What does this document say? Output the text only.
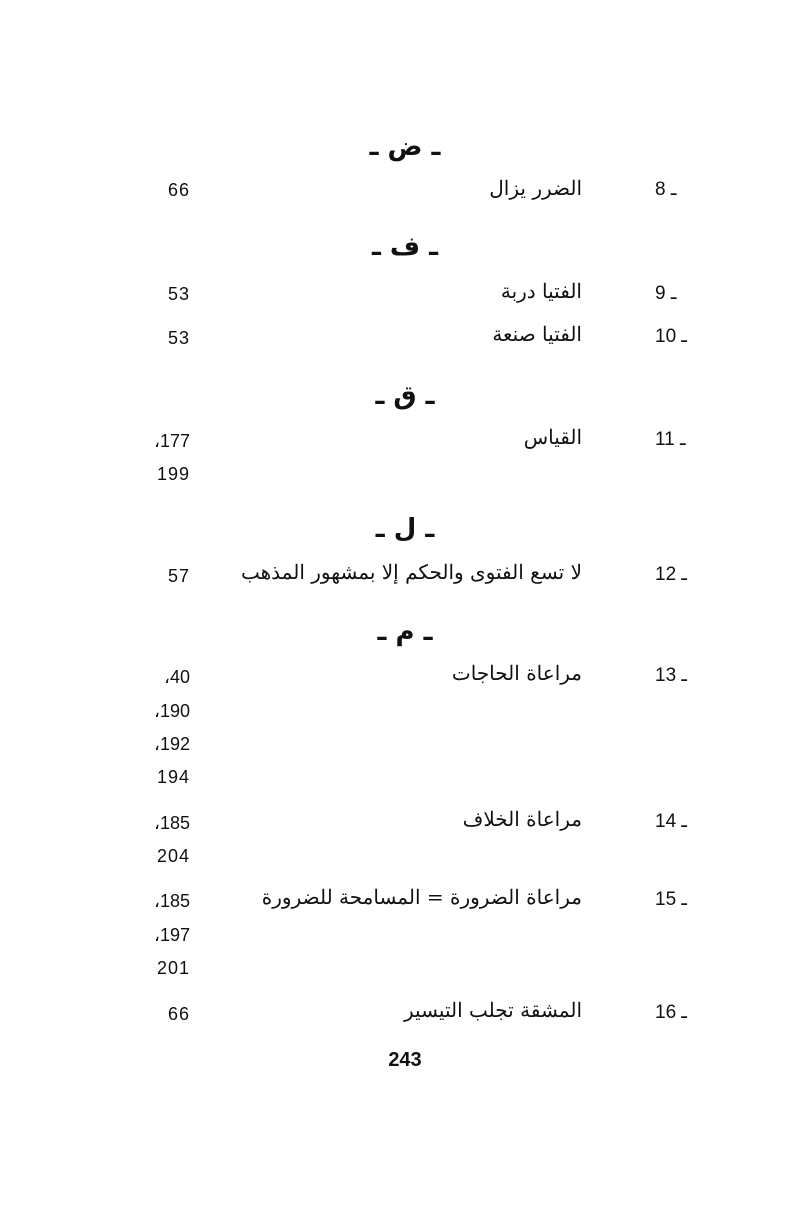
ـ ض ـ
8 ـ
الضرر يزال
66
ـ ف ـ
9 ـ
الفتيا دربة
53
10 ـ
الفتيا صنعة
53
ـ ق ـ
11 ـ
القياس
،177
199
ـ ل ـ
12 ـ
لا تسع الفتوى والحكم إلا بمشهور المذهب
57
ـ م ـ
13 ـ
مراعاة الحاجات
،40
،190
،192
194
14 ـ
مراعاة الخلاف
،185
204
15 ـ
مراعاة الضرورة = المسامحة للضرورة
،185
،197
201
16 ـ
المشقة تجلب التيسير
66
243
